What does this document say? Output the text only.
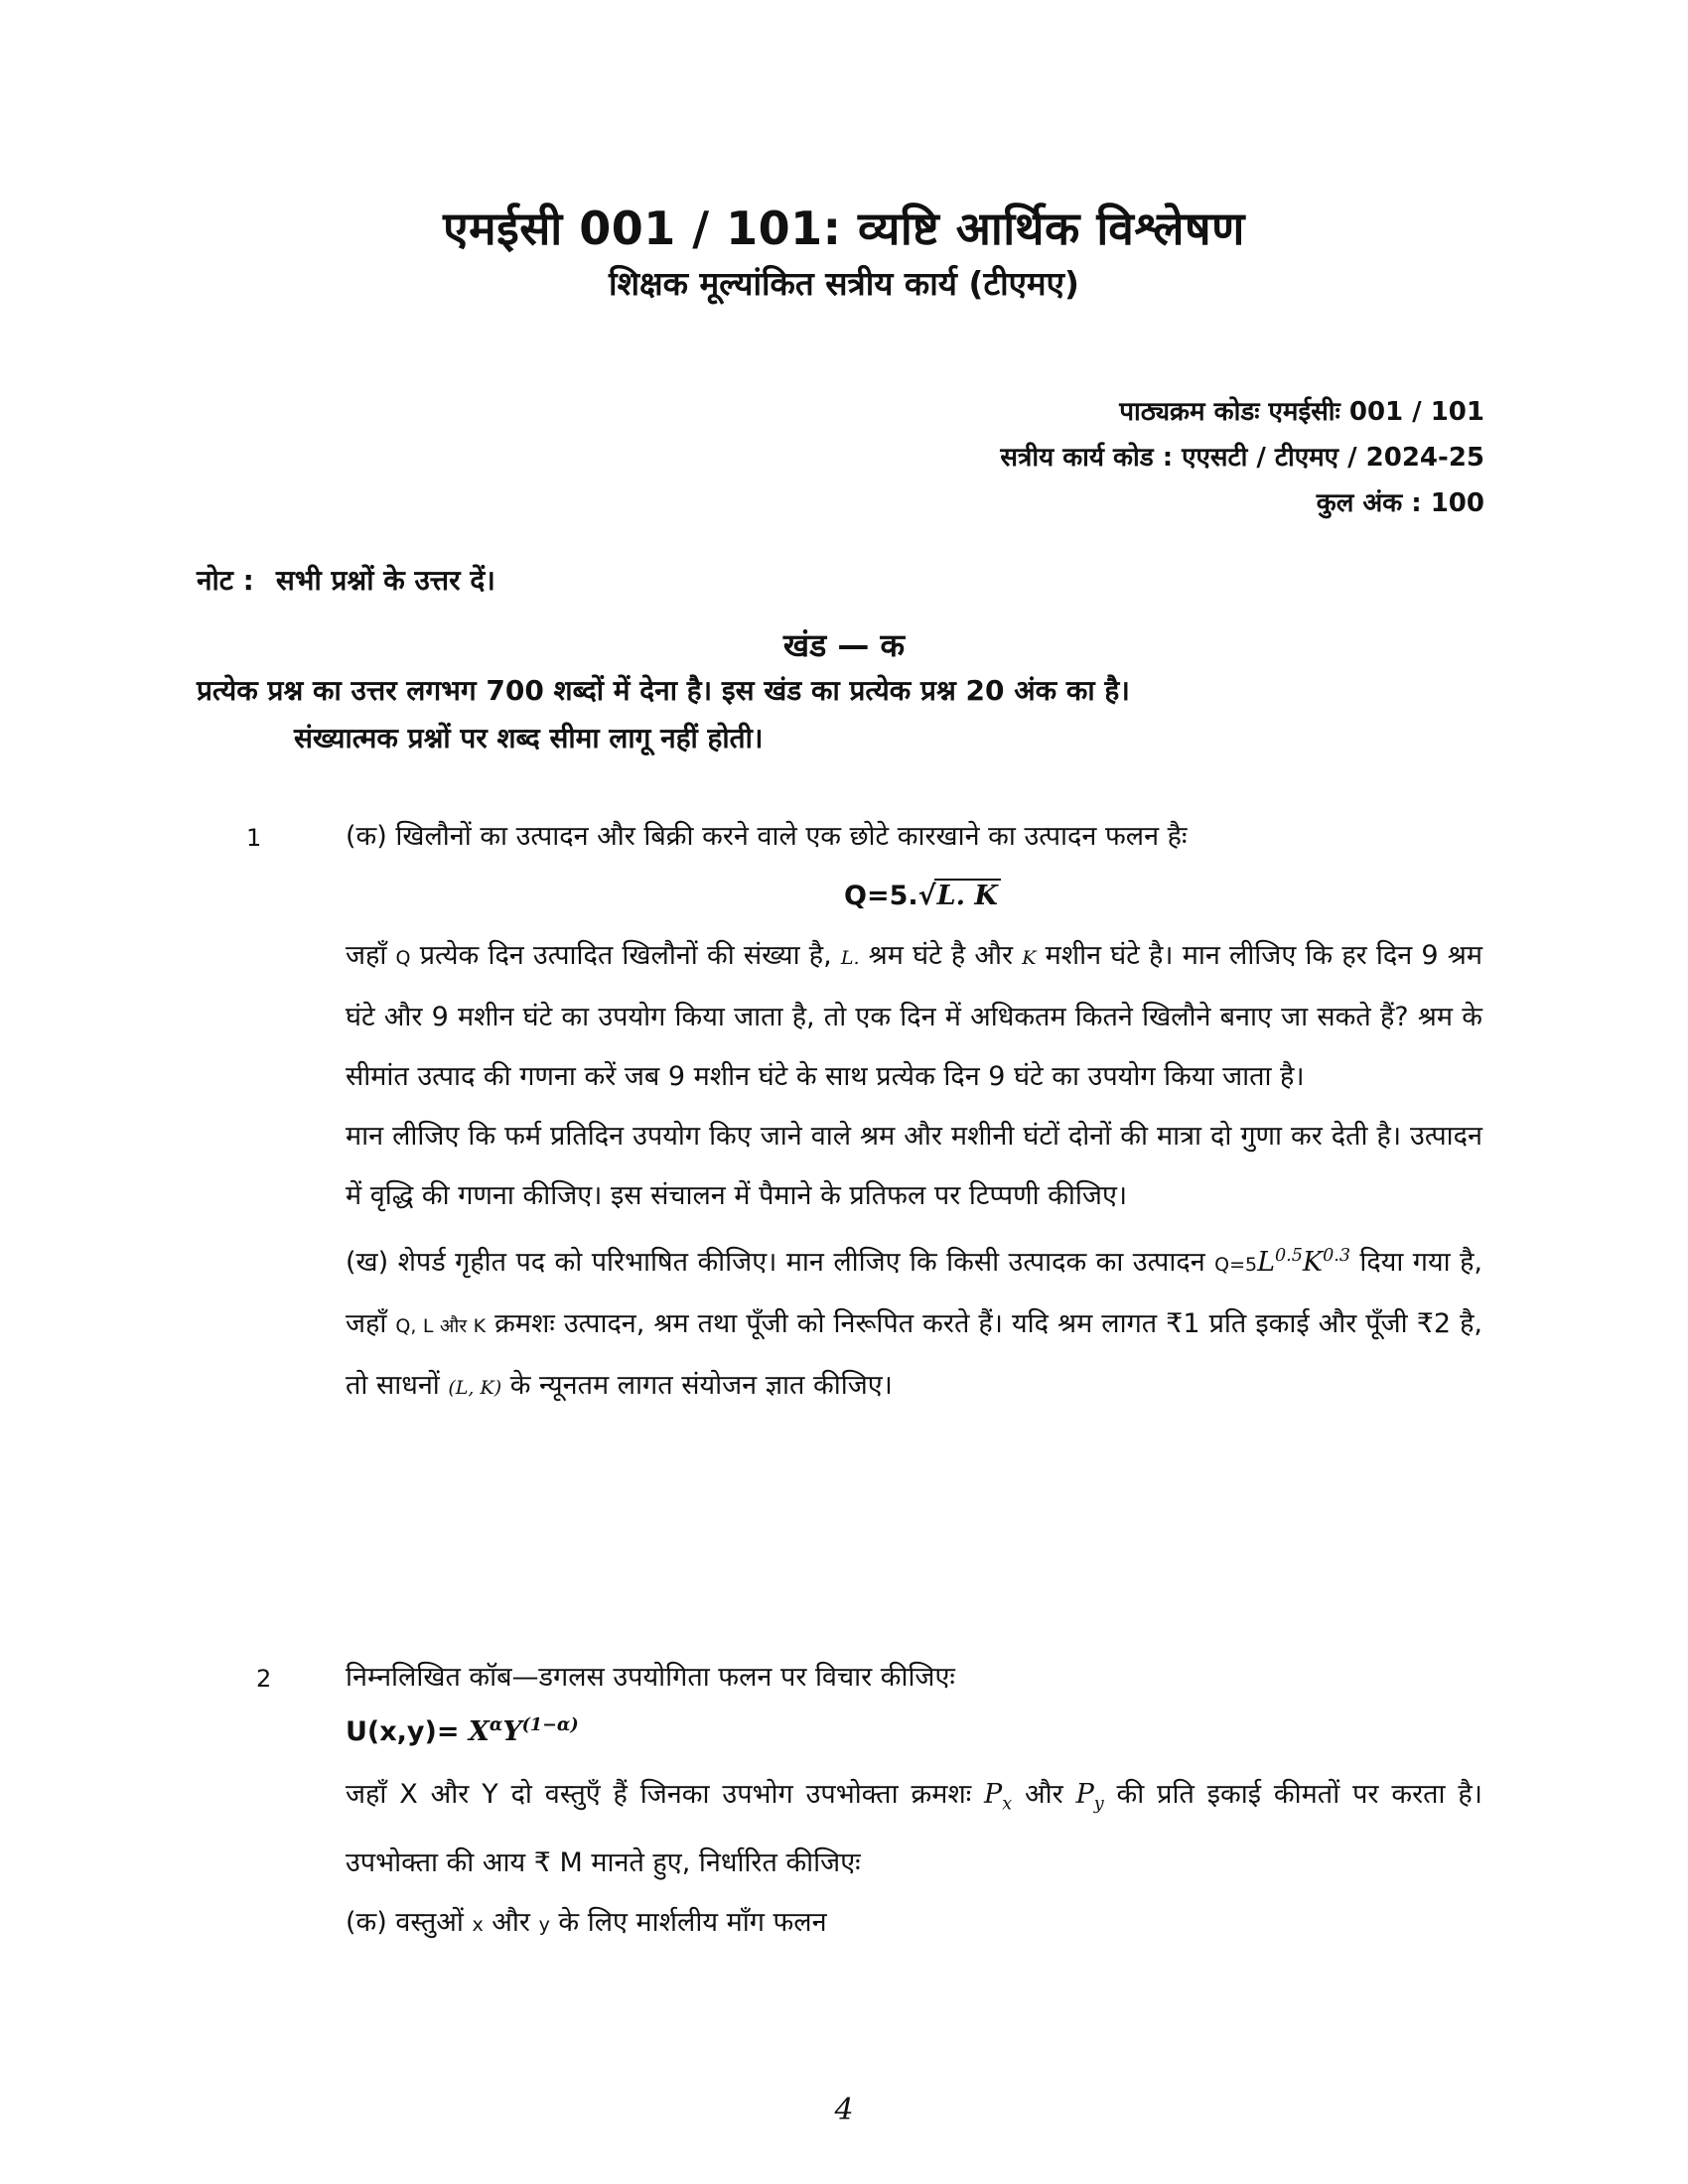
एमईसी 001 / 101: व्यष्टि आर्थिक विश्लेषण
शिक्षक मूल्यांकित सत्रीय कार्य (टीएमए)
पाठ्यक्रम कोडः एमईसीः 001 / 101
सत्रीय कार्य कोड : एएसटी / टीएमए / 2024-25
कुल अंक : 100
नोट : सभी प्रश्नों के उत्तर दें।
खंड — क
प्रत्येक प्रश्न का उत्तर लगभग 700 शब्दों में देना है। इस खंड का प्रत्येक प्रश्न 20 अंक का है।
संख्यात्मक प्रश्नों पर शब्द सीमा लागू नहीं होती।
1	(क) खिलौनों का उत्पादन और बिक्री करने वाले एक छोटे कारखाने का उत्पादन फलन हैः

Q=5.√L. K

जहाँ Q प्रत्येक दिन उत्पादित खिलौनों की संख्या है, L. श्रम घंटे है और K मशीन घंटे है। मान लीजिए कि हर दिन 9 श्रम घंटे और 9 मशीन घंटे का उपयोग किया जाता है, तो एक दिन में अधिकतम कितने खिलौने बनाए जा सकते हैं? श्रम के सीमांत उत्पाद की गणना करें जब 9 मशीन घंटे के साथ प्रत्येक दिन 9 घंटे का उपयोग किया जाता है।

मान लीजिए कि फर्म प्रतिदिन उपयोग किए जाने वाले श्रम और मशीनी घंटों दोनों की मात्रा दो गुणा कर देती है। उत्पादन में वृद्धि की गणना कीजिए। इस संचालन में पैमाने के प्रतिफल पर टिप्पणी कीजिए।

(ख) शेपर्ड गृहीत पद को परिभाषित कीजिए। मान लीजिए कि किसी उत्पादक का उत्पादन $Q=5L^{0.5}K^{0.3}$ दिया गया है, जहाँ Q, L और K क्रमशः उत्पादन, श्रम तथा पूँजी को निरूपित करते हैं। यदि श्रम लागत ₹1 प्रति इकाई और पूँजी ₹2 है, तो साधनों (L, K) के न्यूनतम लागत संयोजन ज्ञात कीजिए।

2	निम्नलिखित कॉब—डगलस उपयोगिता फलन पर विचार कीजिएः

$U(x,y)= X^\alpha Y^{(1-\alpha)}$

जहाँ X और Y दो वस्तुएँ हैं जिनका उपभोग उपभोक्ता क्रमशः $P_x$ और $P_y$ की प्रति इकाई कीमतों पर करता है। उपभोक्ता की आय ₹ M मानते हुए, निर्धारित कीजिएः

(क) वस्तुओं x और y के लिए मार्शलीय माँग फलन

4
